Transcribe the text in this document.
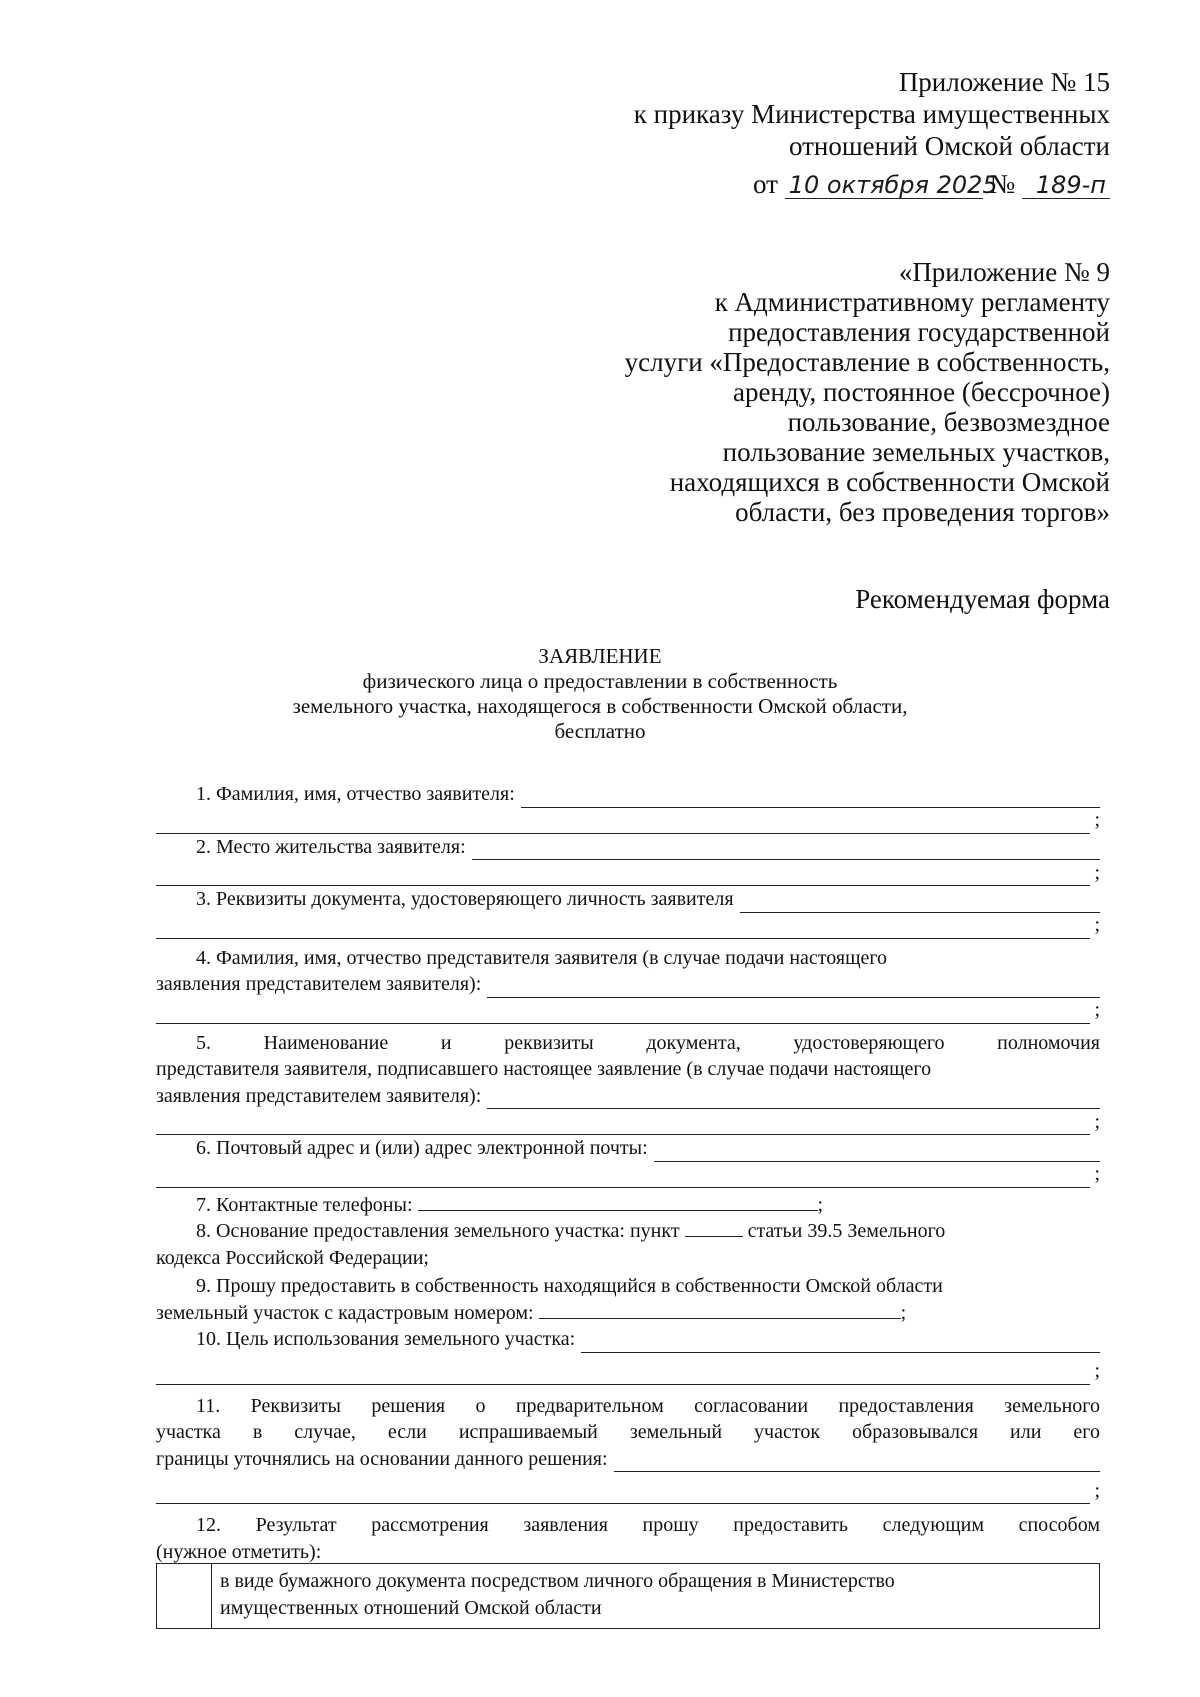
Приложение № 15
к приказу Министерства имущественных
отношений Омской области
от 10 октября 2025 № 189-п
«Приложение № 9
к Административному регламенту
предоставления государственной
услуги «Предоставление в собственность,
аренду, постоянное (бессрочное)
пользование, безвозмездное
пользование земельных участков,
находящихся в собственности Омской
области, без проведения торгов»
Рекомендуемая форма
ЗАЯВЛЕНИЕ
физического лица о предоставлении в собственность
земельного участка, находящегося в собственности Омской области,
бесплатно
1. Фамилия, имя, отчество заявителя:
;
2. Место жительства заявителя:
;
3. Реквизиты документа, удостоверяющего личность заявителя
;
4. Фамилия, имя, отчество представителя заявителя (в случае подачи настоящего
заявления представителем заявителя):
;
5. Наименование и реквизиты документа, удостоверяющего полномочия
представителя заявителя, подписавшего настоящее заявление (в случае подачи настоящего
заявления представителем заявителя):
;
6. Почтовый адрес и (или) адрес электронной почты:
;
7. Контактные телефоны:	;
8. Основание предоставления земельного участка: пункт	статьи 39.5 Земельного
кодекса Российской Федерации;
9. Прошу предоставить в собственность находящийся в собственности Омской области
земельный участок с кадастровым номером:	;
10. Цель использования земельного участка:
;
11. Реквизиты решения о предварительном согласовании предоставления земельного
участка в случае, если испрашиваемый земельный участок образовывался или его
границы уточнялись на основании данного решения:
;
12. Результат рассмотрения заявления прошу предоставить следующим способом
(нужное отметить):
в виде бумажного документа посредством личного обращения в Министерство
имущественных отношений Омской области
